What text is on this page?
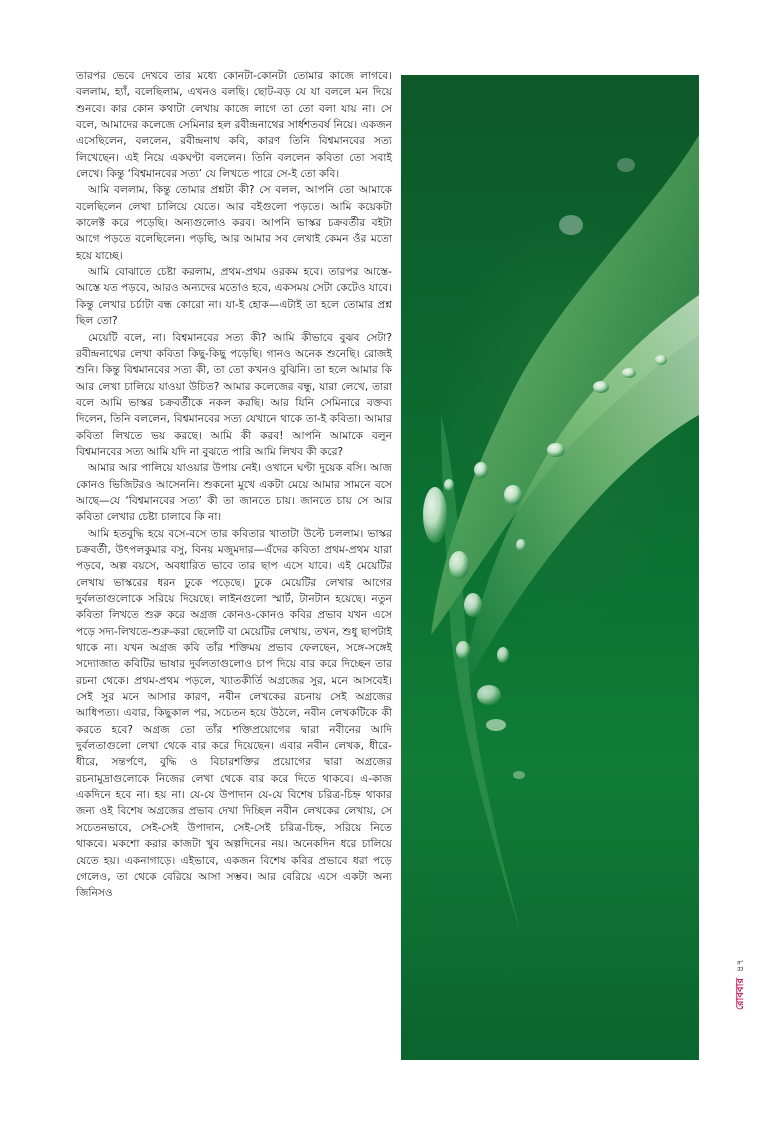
তারপর ভেবে দেখবে তার মধ্যে কোনটা-কোনটা তোমার কাজে লাগবে। বললাম, হ্যাঁ, বলেছিলাম, এখনও বলছি। ছোট-বড় যে যা বললে মন দিয়ে শুনবে। কার কোন কথাটা লেখায় কাজে লাগে তা তো বলা যায় না। সে বলে, আমাদের কলেজে সেমিনার হল রবীন্দ্রনাথের সার্ধশতবর্ষ নিয়ে। একজন এসেছিলেন, বললেন, রবীন্দ্রনাথ কবি, কারণ তিনি বিশ্বমানবের সত্য লিখেছেন। এই নিয়ে একঘণ্টা বললেন। তিনি বললেন কবিতা তো সবাই লেখে। কিন্তু ‘বিশ্বমানবের সত্য’ যে লিখতে পারে সে-ই তো কবি।

আমি বললাম, কিন্তু তোমার প্রশ্নটা কী? সে বলল, আপনি তো আমাকে বলেছিলেন লেখা চালিয়ে যেতে। আর বইগুলো পড়তে। আমি কয়েকটা কালেক্ট করে পড়েছি। অন্যগুলোও করব। আপনি ভাস্কর চক্রবর্তীর বইটা আগে পড়তে বলেছিলেন। পড়ছি, আর আমার সব লেখাই কেমন ওঁর মতো হয়ে যাচ্ছে।

আমি বোঝাতে চেষ্টা করলাম, প্রথম-প্রথম ওরকম হবে। তারপর আস্তে-আস্তে যত পড়বে, আরও অন্যদের মতোও হবে, একসময় সেটা কেটেও যাবে। কিন্তু লেখার চর্চাটা বন্ধ কোরো না। যা-ই হোক—এটাই তা হলে তোমার প্রশ্ন ছিল তো?

মেয়েটি বলে, না। বিশ্বমানবের সত্য কী? আমি কীভাবে বুঝব সেটা? রবীন্দ্রনাথের লেখা কবিতা কিছু-কিছু পড়েছি। গানও অনেক শুনেছি। রোজই শুনি। কিন্তু বিশ্বমানবের সত্য কী, তা তো কখনও বুঝিনি। তা হলে আমার কি আর লেখা চালিয়ে যাওয়া উচিত? আমার কলেজের বন্ধু, যারা লেখে, তারা বলে আমি ভাস্কর চক্রবর্তীকে নকল করছি। আর যিনি সেমিনারে বক্তব্য দিলেন, তিনি বললেন, বিশ্বমানবের সত্য যেখানে থাকে তা-ই কবিতা। আমার কবিতা লিখতে ভয় করছে। আমি কী করব! আপনি আমাকে বলুন বিশ্বমানবের সত্য আমি যদি না বুঝতে পারি আমি লিখব কী করে?

আমার আর পালিয়ে যাওয়ার উপায় নেই। ওখানে ঘণ্টা দুয়েক বসি। আজ কোনও ভিজিটরও আসেননি। শুকনো মুখে একটা মেয়ে আমার সামনে বসে আছে—যে ‘বিশ্বমানবের সত্য’ কী তা জানতে চায়। জানতে চায় সে আর কবিতা লেখার চেষ্টা চালাবে কি না।

আমি হতবুদ্ধি হয়ে বসে-বসে তার কবিতার খাতাটা উল্টে চললাম। ভাস্কর চক্রবর্তী, উৎপলকুমার বসু, বিনয় মজুমদার—এঁদের কবিতা প্রথম-প্রথম যারা পড়বে, অল্প বয়সে, অবধারিত ভাবে তার ছাপ এসে যাবে। এই মেয়েটির লেখায় ভাস্করের ধরন ঢুকে পড়েছে। ঢুকে মেয়েটির লেখার আগের দুর্বলতাগুলোকে সরিয়ে দিয়েছে। লাইনগুলো স্মার্ট, টানটান হয়েছে। নতুন কবিতা লিখতে শুরু করে অগ্রজ কোনও-কোনও কবির প্রভাব যখন এসে পড়ে সদ্য-লিখতে-শুরু-করা ছেলেটি বা মেয়েটির লেখায়, তখন, শুধু ছাপটাই থাকে না। যখন অগ্রজ কবি তাঁর শক্তিময় প্রভাব ফেলছেন, সঙ্গে-সঙ্গেই সদ্যোজাত কবিটির ভাষার দুর্বলতাগুলোও চাপ দিয়ে বার করে দিচ্ছেন তার রচনা থেকে। প্রথম-প্রথম পড়লে, খ্যাতকীর্তি অগ্রজের সুর, মনে আসবেই। সেই সুর মনে আসার কারণ, নবীন লেখকের রচনায় সেই অগ্রজের আধিপত্য। এবার, কিছুকাল পর, সচেতন হয়ে উঠলে, নবীন লেখকটিকে কী করতে হবে? অগ্রজ তো তাঁর শক্তিপ্রয়োগের দ্বারা নবীনের আদি দুর্বলতাগুলো লেখা থেকে বার করে দিয়েছেন। এবার নবীন লেখক, ধীরে-ধীরে, সন্তর্পণে, বুদ্ধি ও বিচারশক্তির প্রয়োগের দ্বারা অগ্রজের রচনামুদ্রাগুলোকে নিজের লেখা থেকে বার করে দিতে থাকবে। এ-কাজ একদিনে হবে না। হয় না। যে-যে উপাদান যে-যে বিশেষ চরিত্র-চিহ্ন থাকার জন্য ওই বিশেষ অগ্রজের প্রভাব দেখা দিচ্ছিল নবীন লেখকের লেখায়, সে সচেতনভাবে, সেই-সেই উপাদান, সেই-সেই চরিত্র-চিহ্ন, সরিয়ে নিতে থাকবে। মকশো করার কাজটা খুব অল্পদিনের নয়। অনেকদিন ধরে চালিয়ে যেতে হয়। একনাগাড়ে। এইভাবে, একজন বিশেষ কবির প্রভাবে ধরা পড়ে গেলেও, তা থেকে বেরিয়ে আসা সম্ভব। আর বেরিয়ে এসে একটা অন্য জিনিসও

রোববার
৪৭
